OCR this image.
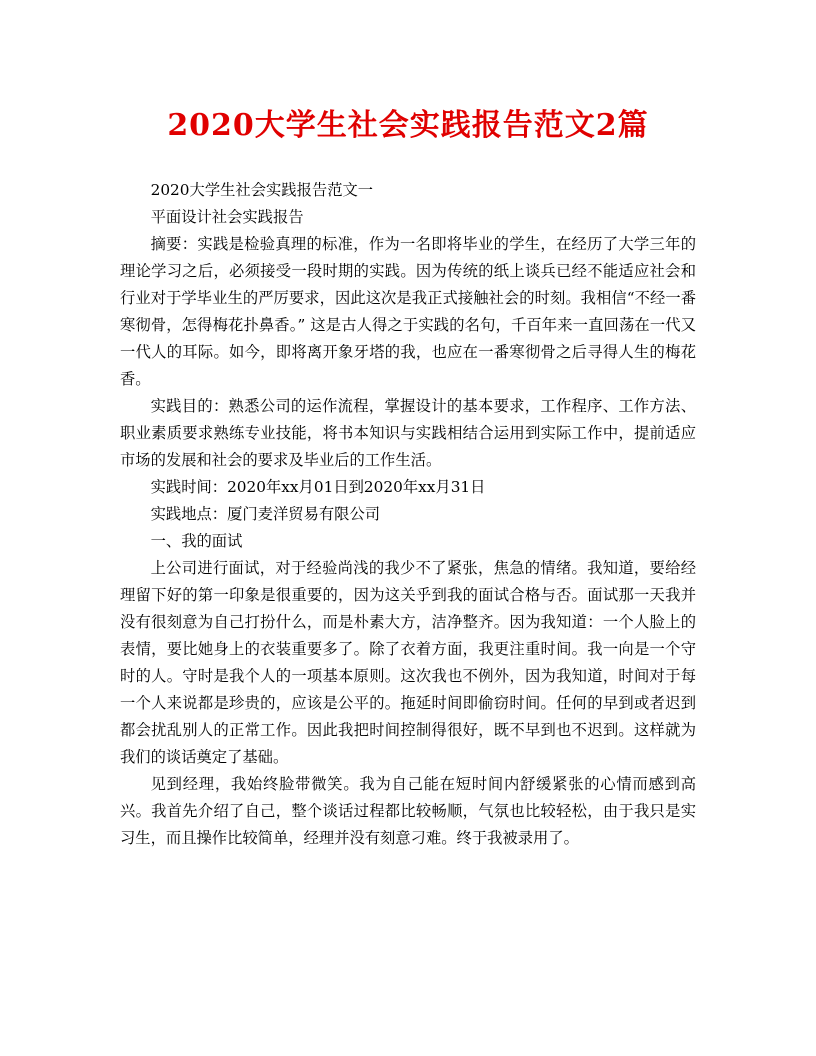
2020大学生社会实践报告范文2篇

2020大学生社会实践报告范文一

平面设计社会实践报告

摘要：实践是检验真理的标准，作为一名即将毕业的学生，在经历了大学三年的理论学习之后，必须接受一段时期的实践。因为传统的纸上谈兵已经不能适应社会和行业对于学毕业生的严厉要求，因此这次是我正式接触社会的时刻。我相信“不经一番寒彻骨，怎得梅花扑鼻香。” 这是古人得之于实践的名句，千百年来一直回荡在一代又一代人的耳际。如今，即将离开象牙塔的我，也应在一番寒彻骨之后寻得人生的梅花香。

实践目的：熟悉公司的运作流程，掌握设计的基本要求，工作程序、工作方法、职业素质要求熟练专业技能，将书本知识与实践相结合运用到实际工作中，提前适应市场的发展和社会的要求及毕业后的工作生活。

实践时间：2020年xx月01日到2020年xx月31日

实践地点：厦门麦洋贸易有限公司

一、我的面试

上公司进行面试，对于经验尚浅的我少不了紧张，焦急的情绪。我知道，要给经理留下好的第一印象是很重要的，因为这关乎到我的面试合格与否。面试那一天我并没有很刻意为自己打扮什么，而是朴素大方，洁净整齐。因为我知道：一个人脸上的表情，要比她身上的衣装重要多了。除了衣着方面，我更注重时间。我一向是一个守时的人。守时是我个人的一项基本原则。这次我也不例外，因为我知道，时间对于每一个人来说都是珍贵的，应该是公平的。拖延时间即偷窃时间。任何的早到或者迟到都会扰乱别人的正常工作。因此我把时间控制得很好，既不早到也不迟到。这样就为我们的谈话奠定了基础。

见到经理，我始终脸带微笑。我为自己能在短时间内舒缓紧张的心情而感到高兴。我首先介绍了自己，整个谈话过程都比较畅顺，气氛也比较轻松，由于我只是实习生，而且操作比较简单，经理并没有刻意刁难。终于我被录用了。
